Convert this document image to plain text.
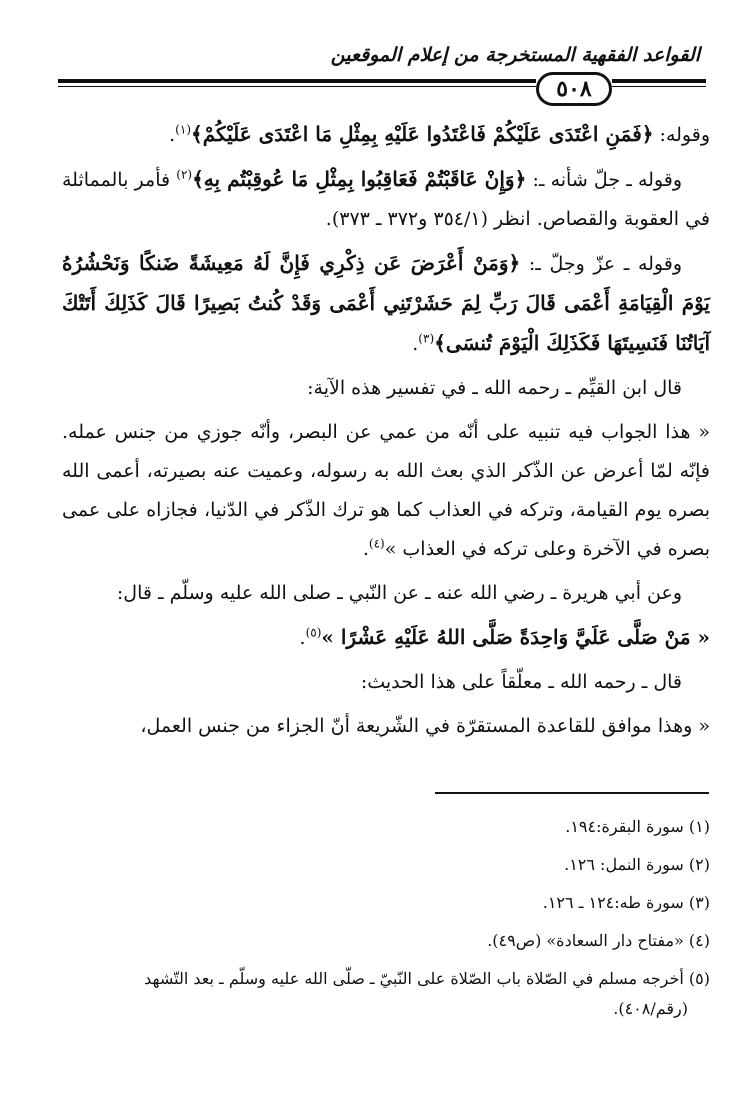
القواعد الفقهية المستخرجة من إعلام الموقعين
٥٠٨

وقوله: ﴿فَمَنِ اعْتَدَى عَلَيْكُمْ فَاعْتَدُوا عَلَيْهِ بِمِثْلِ مَا اعْتَدَى عَلَيْكُمْ﴾$^{(١)}$.

وقوله ـ جلّ شأنه ـ: ﴿وَإِنْ عَاقَبْتُمْ فَعَاقِبُوا بِمِثْلِ مَا عُوقِبْتُم بِهِ﴾$^{(٢)}$ فأمر بالمماثلة في العقوبة والقصاص. انظر (٣٥٤/١ و٣٧٢ ـ ٣٧٣).

وقوله ـ عزّ وجلّ ـ: ﴿وَمَنْ أَعْرَضَ عَن ذِكْرِي فَإِنَّ لَهُ مَعِيشَةً ضَنكًا وَنَحْشُرُهُ يَوْمَ الْقِيَامَةِ أَعْمَى قَالَ رَبِّ لِمَ حَشَرْتَنِي أَعْمَى وَقَدْ كُنتُ بَصِيرًا قَالَ كَذَلِكَ أَتَتْكَ آيَاتُنَا فَنَسِيتَهَا فَكَذَلِكَ الْيَوْمَ تُنسَى﴾$^{(٣)}$.

قال ابن القيِّم ـ رحمه الله ـ في تفسير هذه الآية:

« هذا الجواب فيه تنبيه على أنّه من عمي عن البصر، وأنّه جوزي من جنس عمله. فإنّه لمّا أعرض عن الذّكر الذي بعث الله به رسوله، وعميت عنه بصيرته، أعمى الله بصره يوم القيامة، وتركه في العذاب كما هو ترك الذّكر في الدّنيا، فجازاه على عمى بصره في الآخرة وعلى تركه في العذاب »$^{(٤)}$.

وعن أبي هريرة ـ رضي الله عنه ـ عن النّبي ـ صلى الله عليه وسلّم ـ قال:

« مَنْ صَلَّى عَلَيَّ وَاحِدَةً صَلَّى اللهُ عَلَيْهِ عَشْرًا »$^{(٥)}$.

قال ـ رحمه الله ـ معلّقاً على هذا الحديث:

« وهذا موافق للقاعدة المستقرّة في الشّريعة أنّ الجزاء من جنس العمل،

(١) سورة البقرة:١٩٤.

(٢) سورة النمل: ١٢٦.

(٣) سورة طه:١٢٤ ـ ١٢٦.

(٤) «مفتاح دار السعادة» (ص٤٩).

(٥) أخرجه مسلم في الصّلاة باب الصّلاة على النّبيّ ـ صلّى الله عليه وسلّم ـ بعد التّشهد

(رقم/٤٠٨).
